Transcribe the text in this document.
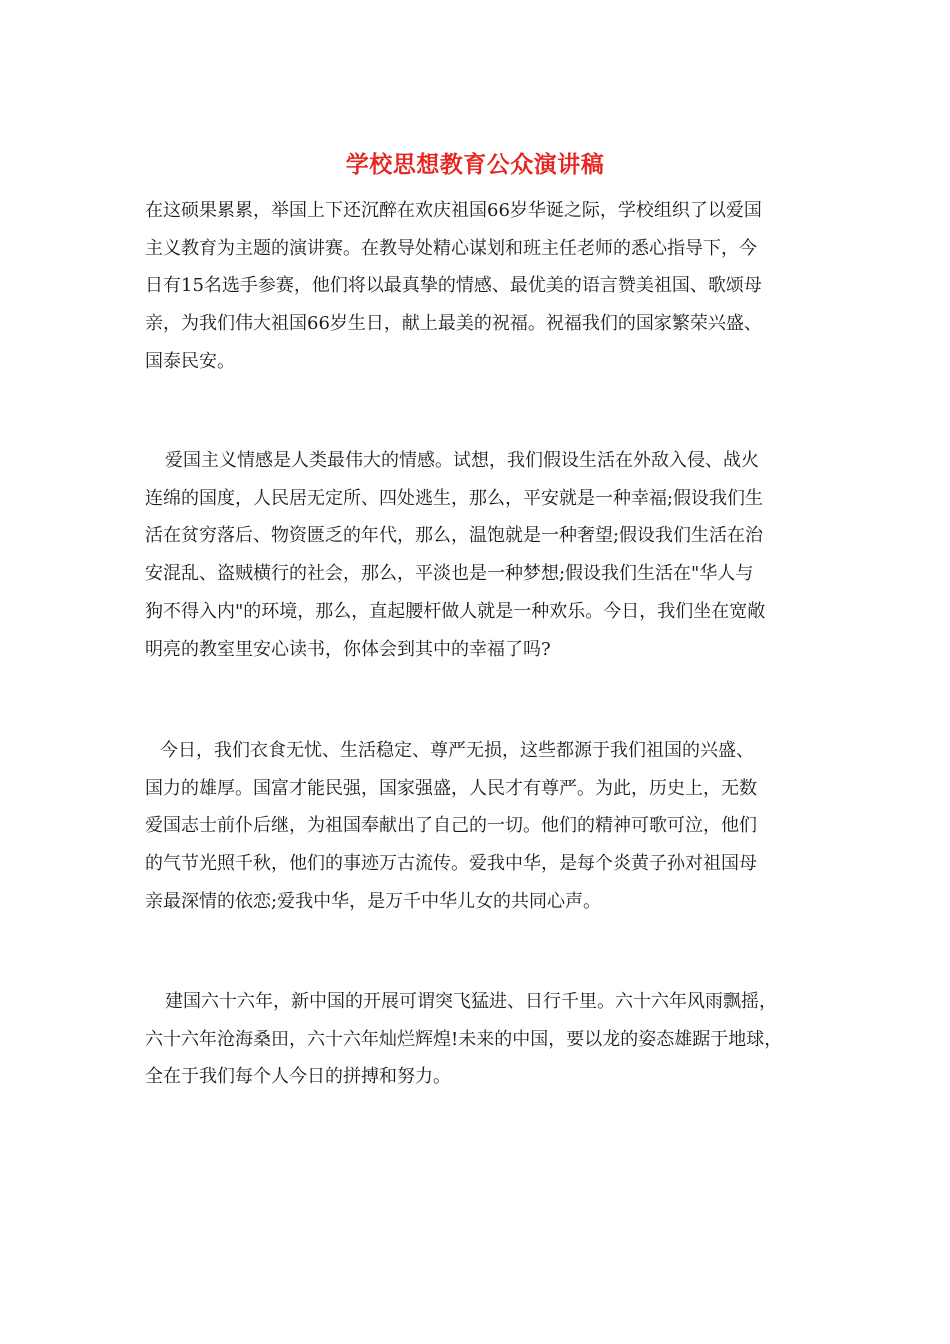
学校思想教育公众演讲稿

在这硕果累累，举国上下还沉醉在欢庆祖国66岁华诞之际，学校组织了以爱国
主义教育为主题的演讲赛。在教导处精心谋划和班主任老师的悉心指导下，今
日有15名选手参赛，他们将以最真挚的情感、最优美的语言赞美祖国、歌颂母
亲，为我们伟大祖国66岁生日，献上最美的祝福。祝福我们的国家繁荣兴盛、
国泰民安。

爱国主义情感是人类最伟大的情感。试想，我们假设生活在外敌入侵、战火
连绵的国度，人民居无定所、四处逃生，那么，平安就是一种幸福;假设我们生
活在贫穷落后、物资匮乏的年代，那么，温饱就是一种奢望;假设我们生活在治
安混乱、盗贼横行的社会，那么，平淡也是一种梦想;假设我们生活在"华人与
狗不得入内"的环境，那么，直起腰杆做人就是一种欢乐。今日，我们坐在宽敞
明亮的教室里安心读书，你体会到其中的幸福了吗?

今日，我们衣食无忧、生活稳定、尊严无损，这些都源于我们祖国的兴盛、
国力的雄厚。国富才能民强，国家强盛，人民才有尊严。为此，历史上，无数
爱国志士前仆后继，为祖国奉献出了自己的一切。他们的精神可歌可泣，他们
的气节光照千秋，他们的事迹万古流传。爱我中华，是每个炎黄子孙对祖国母
亲最深情的依恋;爱我中华，是万千中华儿女的共同心声。

建国六十六年，新中国的开展可谓突飞猛进、日行千里。六十六年风雨飘摇，
六十六年沧海桑田，六十六年灿烂辉煌!未来的中国，要以龙的姿态雄踞于地球，
全在于我们每个人今日的拼搏和努力。
